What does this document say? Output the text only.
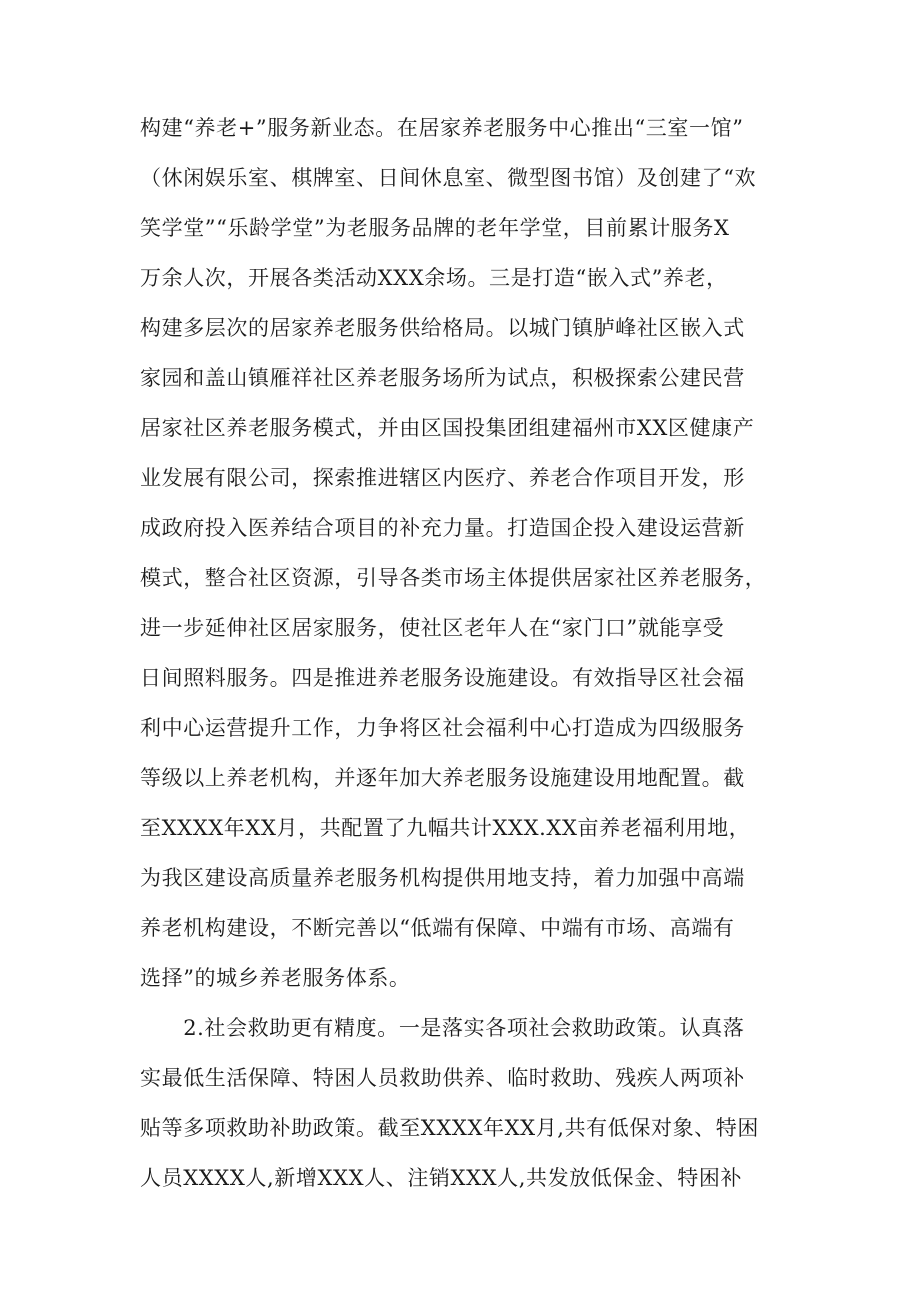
构建“养老+”服务新业态。在居家养老服务中心推出“三室一馆”
（休闲娱乐室、棋牌室、日间休息室、微型图书馆）及创建了“欢
笑学堂”“乐龄学堂”为老服务品牌的老年学堂，目前累计服务X
万余人次，开展各类活动XXX余场。三是打造“嵌入式”养老，
构建多层次的居家养老服务供给格局。以城门镇胪峰社区嵌入式
家园和盖山镇雁祥社区养老服务场所为试点，积极探索公建民营
居家社区养老服务模式，并由区国投集团组建福州市XX区健康产
业发展有限公司，探索推进辖区内医疗、养老合作项目开发，形
成政府投入医养结合项目的补充力量。打造国企投入建设运营新
模式，整合社区资源，引导各类市场主体提供居家社区养老服务，
进一步延伸社区居家服务，使社区老年人在“家门口”就能享受
日间照料服务。四是推进养老服务设施建设。有效指导区社会福
利中心运营提升工作，力争将区社会福利中心打造成为四级服务
等级以上养老机构，并逐年加大养老服务设施建设用地配置。截
至XXXX年XX月，共配置了九幅共计XXX.XX亩养老福利用地，
为我区建设高质量养老服务机构提供用地支持，着力加强中高端
养老机构建设，不断完善以“低端有保障、中端有市场、高端有
选择”的城乡养老服务体系。
　　2.社会救助更有精度。一是落实各项社会救助政策。认真落
实最低生活保障、特困人员救助供养、临时救助、残疾人两项补
贴等多项救助补助政策。截至XXXX年XX月,共有低保对象、特困
人员XXXX人,新增XXX人、注销XXX人,共发放低保金、特困补
